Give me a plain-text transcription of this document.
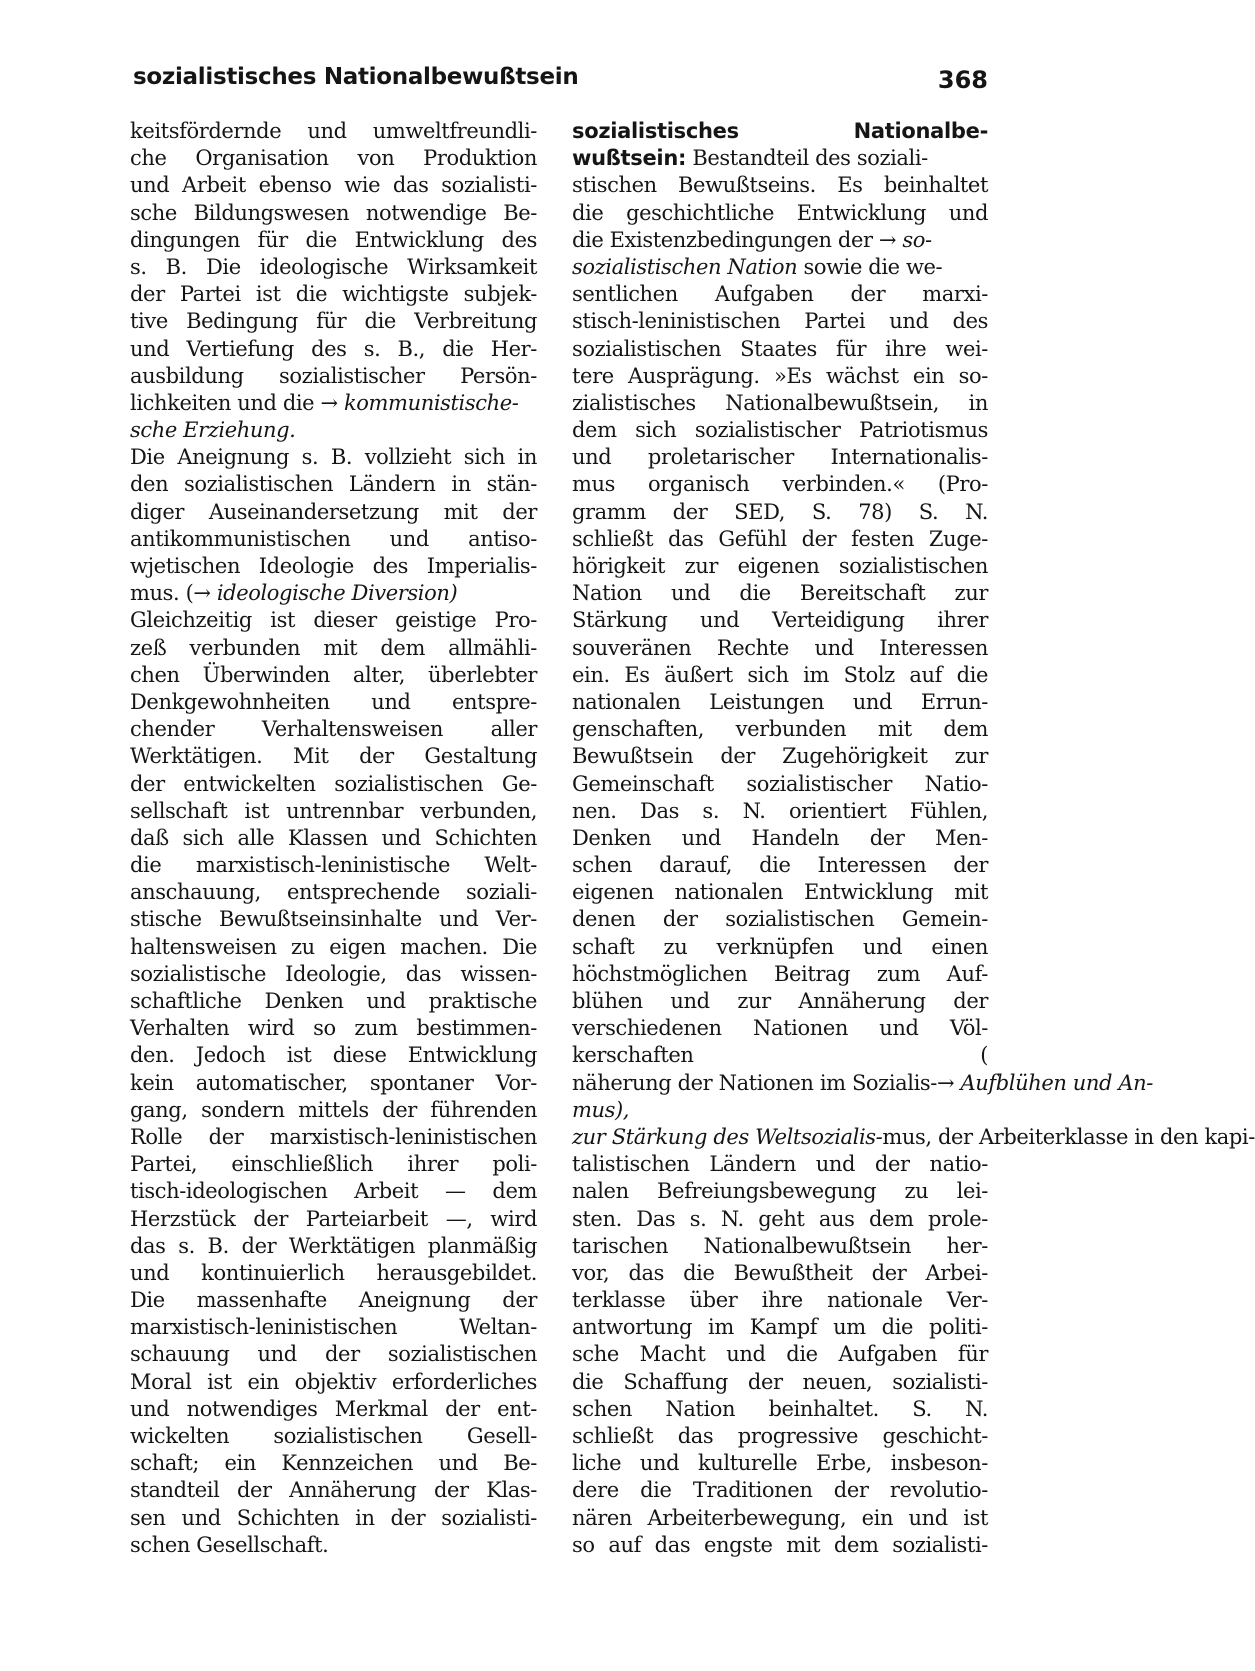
sozialistisches Nationalbewußtsein	368
keitsfördernde und umweltfreundli-
che Organisation von Produktion
und Arbeit ebenso wie das sozialisti-
sche Bildungswesen notwendige Be-
dingungen für die Entwicklung des
s. B. Die ideologische Wirksamkeit
der Partei ist die wichtigste subjek-
tive Bedingung für die Verbreitung
und Vertiefung des s. B., die Her-
ausbildung sozialistischer Persön-
lichkeiten und die → kommunistische-
sche Erziehung.
Die Aneignung s. B. vollzieht sich in
den sozialistischen Ländern in stän-
diger Auseinandersetzung mit der
antikommunistischen und antiso-
wjetischen Ideologie des Imperialis-
mus. (→ ideologische Diversion)
Gleichzeitig ist dieser geistige Pro-
zeß verbunden mit dem allmähli-
chen Überwinden alter, überlebter
Denkgewohnheiten und entspre-
chender Verhaltensweisen aller
Werktätigen. Mit der Gestaltung
der entwickelten sozialistischen Ge-
sellschaft ist untrennbar verbunden,
daß sich alle Klassen und Schichten
die marxistisch-leninistische Welt-
anschauung, entsprechende soziali-
stische Bewußtseinsinhalte und Ver-
haltensweisen zu eigen machen. Die
sozialistische Ideologie, das wissen-
schaftliche Denken und praktische
Verhalten wird so zum bestimmen-
den. Jedoch ist diese Entwicklung
kein automatischer, spontaner Vor-
gang, sondern mittels der führenden
Rolle der marxistisch-leninistischen
Partei, einschließlich ihrer poli-
tisch-ideologischen Arbeit — dem
Herzstück der Parteiarbeit —, wird
das s. B. der Werktätigen planmäßig
und kontinuierlich herausgebildet.
Die massenhafte Aneignung der
marxistisch-leninistischen Weltan-
schauung und der sozialistischen
Moral ist ein objektiv erforderliches
und notwendiges Merkmal der ent-
wickelten sozialistischen Gesell-
schaft; ein Kennzeichen und Be-
standteil der Annäherung der Klas-
sen und Schichten in der sozialisti-
schen Gesellschaft.
sozialistisches Nationalbe-
wußtsein: Bestandteil des soziali-
stischen Bewußtseins. Es beinhaltet
die geschichtliche Entwicklung und
die Existenzbedingungen der → so-
sozialistischen Nation sowie die we-
sentlichen Aufgaben der marxi-
stisch-leninistischen Partei und des
sozialistischen Staates für ihre wei-
tere Ausprägung. »Es wächst ein so-
zialistisches Nationalbewußtsein, in
dem sich sozialistischer Patriotismus
und proletarischer Internationalis-
mus organisch verbinden.« (Pro-
gramm der SED, S. 78) S. N.
schließt das Gefühl der festen Zuge-
hörigkeit zur eigenen sozialistischen
Nation und die Bereitschaft zur
Stärkung und Verteidigung ihrer
souveränen Rechte und Interessen
ein. Es äußert sich im Stolz auf die
nationalen Leistungen und Errun-
genschaften, verbunden mit dem
Bewußtsein der Zugehörigkeit zur
Gemeinschaft sozialistischer Natio-
nen. Das s. N. orientiert Fühlen,
Denken und Handeln der Men-
schen darauf, die Interessen der
eigenen nationalen Entwicklung mit
denen der sozialistischen Gemein-
schaft zu verknüpfen und einen
höchstmöglichen Beitrag zum Auf-
blühen und zur Annäherung der
verschiedenen Nationen und Völ-
kerschaften (
näherung der Nationen im Sozialis-→ Aufblühen und An-
mus),
zur Stärkung des Weltsozialis-mus, der Arbeiterklasse in den kapi-
talistischen Ländern und der natio-
nalen Befreiungsbewegung zu lei-
sten. Das s. N. geht aus dem prole-
tarischen Nationalbewußtsein her-
vor, das die Bewußtheit der Arbei-
terklasse über ihre nationale Ver-
antwortung im Kampf um die politi-
sche Macht und die Aufgaben für
die Schaffung der neuen, sozialisti-
schen Nation beinhaltet. S. N.
schließt das progressive geschicht-
liche und kulturelle Erbe, insbeson-
dere die Traditionen der revolutio-
nären Arbeiterbewegung, ein und ist
so auf das engste mit dem sozialisti-
